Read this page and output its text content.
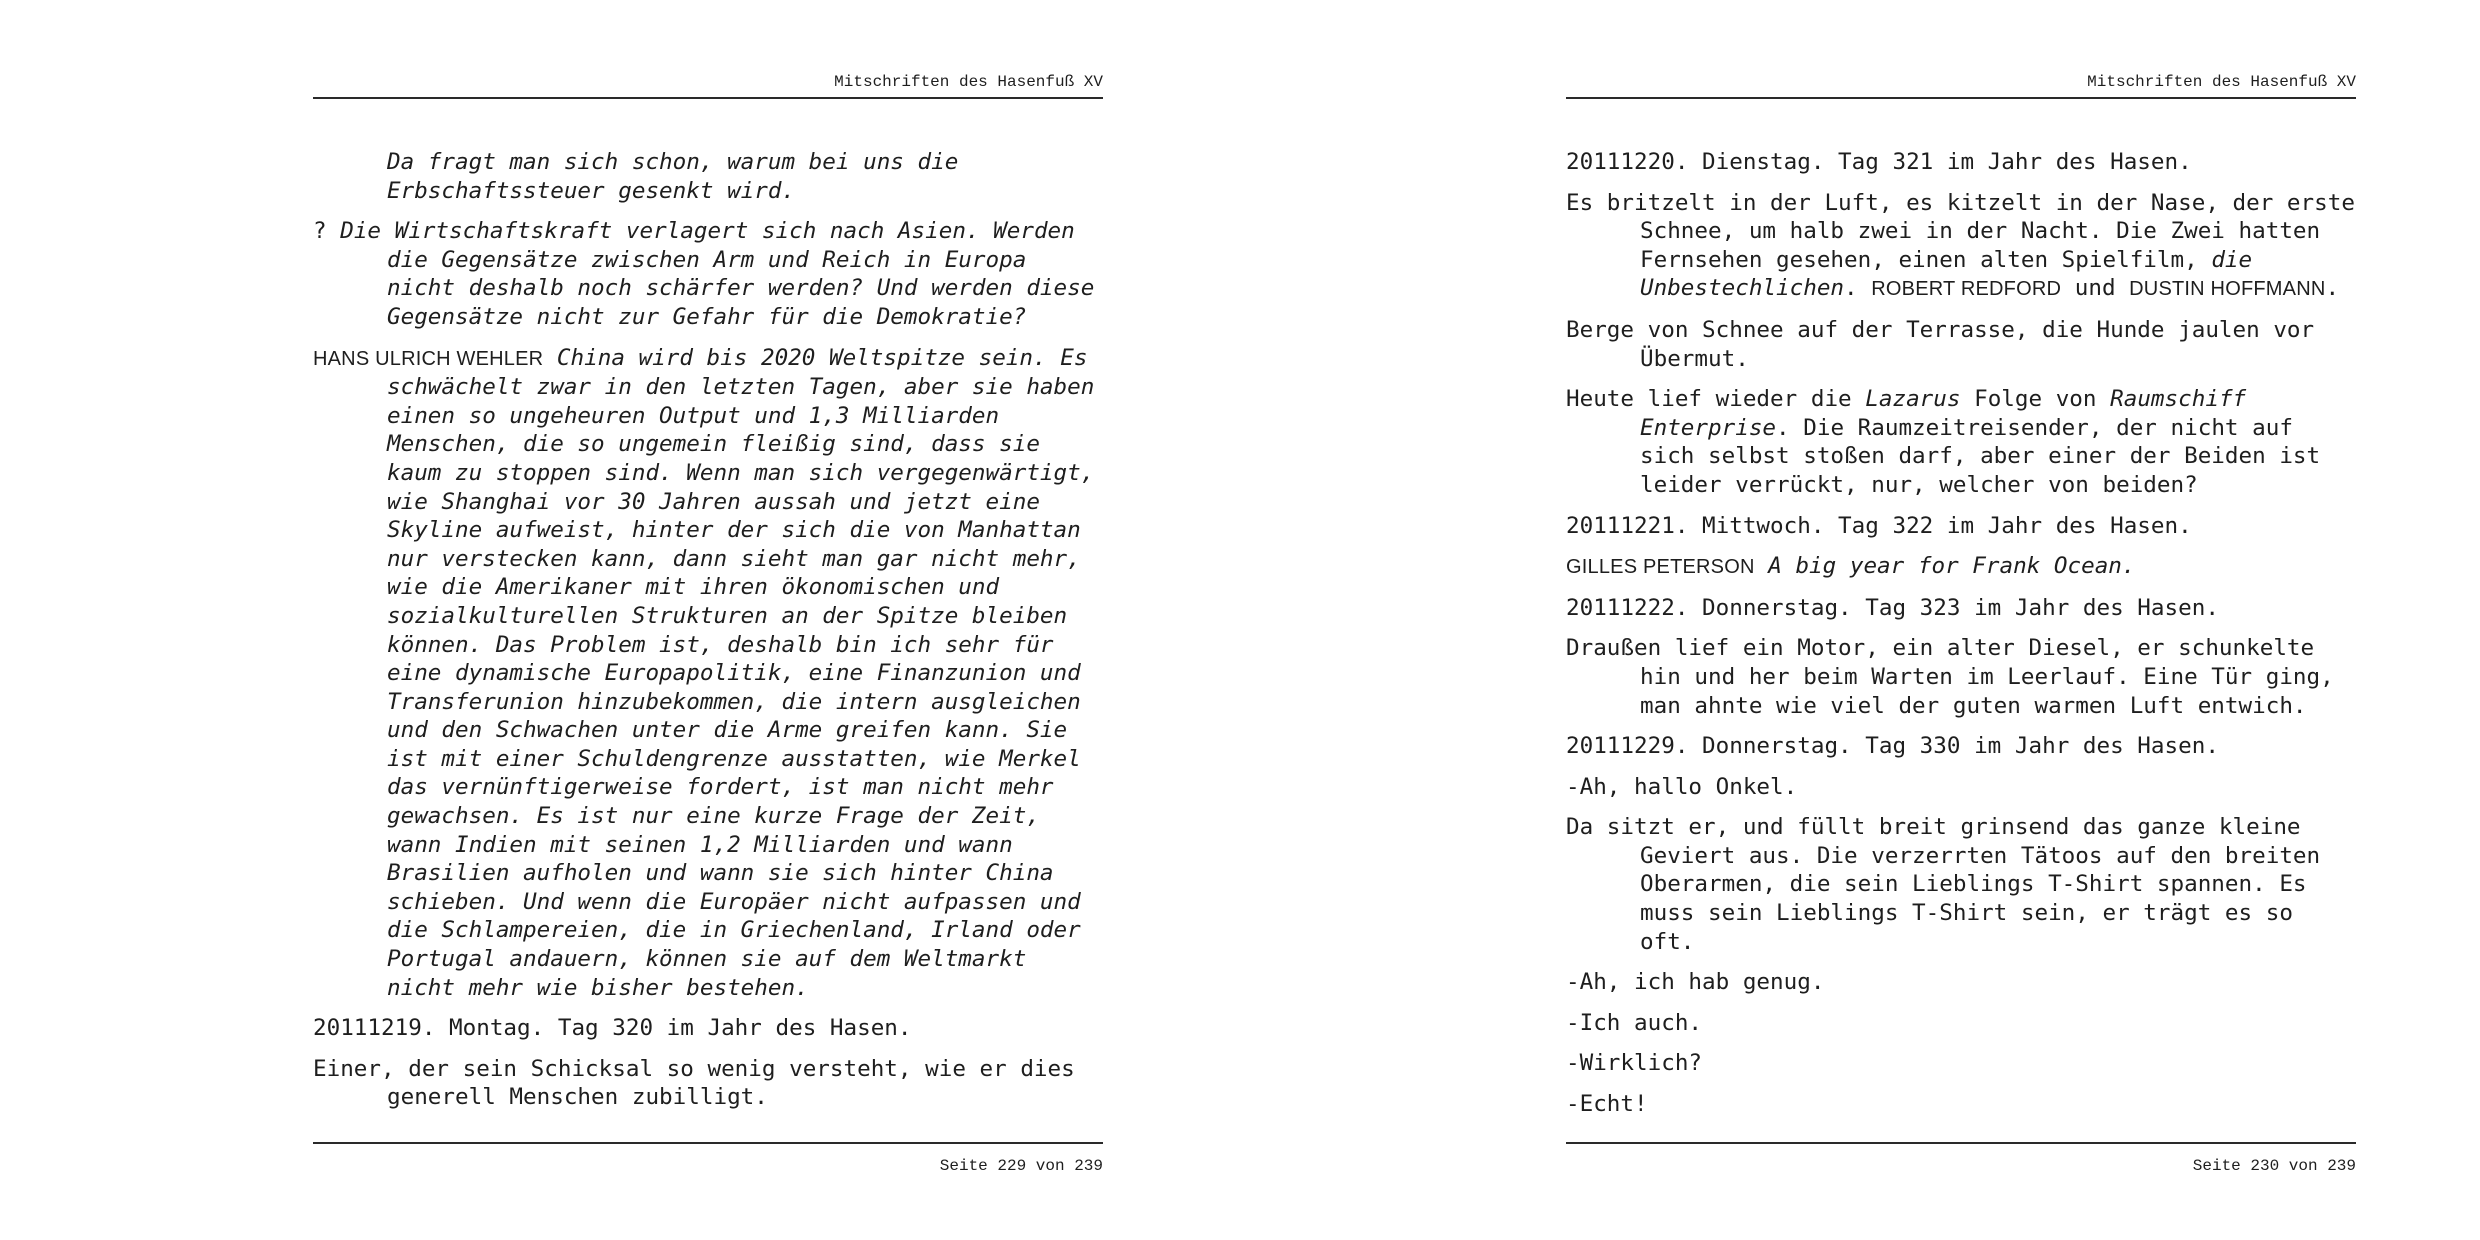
Mitschriften des Hasenfuß XV

Da fragt man sich schon, warum bei uns die Erbschaftssteuer gesenkt wird.

? Die Wirtschaftskraft verlagert sich nach Asien. Werden die Gegensätze zwischen Arm und Reich in Europa nicht deshalb noch schärfer werden? Und werden diese Gegensätze nicht zur Gefahr für die Demokratie?

HANS ULRICH WEHLER China wird bis 2020 Weltspitze sein. Es schwächelt zwar in den letzten Tagen, aber sie haben einen so ungeheuren Output und 1,3 Milliarden Menschen, die so ungemein fleißig sind, dass sie kaum zu stoppen sind. Wenn man sich vergegenwärtigt, wie Shanghai vor 30 Jahren aussah und jetzt eine Skyline aufweist, hinter der sich die von Manhattan nur verstecken kann, dann sieht man gar nicht mehr, wie die Amerikaner mit ihren ökonomischen und sozialkulturellen Strukturen an der Spitze bleiben können. Das Problem ist, deshalb bin ich sehr für eine dynamische Europapolitik, eine Finanzunion und Transferunion hinzubekommen, die intern ausgleichen und den Schwachen unter die Arme greifen kann. Sie ist mit einer Schuldengrenze ausstatten, wie Merkel das vernünftigerweise fordert, ist man nicht mehr gewachsen. Es ist nur eine kurze Frage der Zeit, wann Indien mit seinen 1,2 Milliarden und wann Brasilien aufholen und wann sie sich hinter China schieben. Und wenn die Europäer nicht aufpassen und die Schlampereien, die in Griechenland, Irland oder Portugal andauern, können sie auf dem Weltmarkt nicht mehr wie bisher bestehen.

20111219. Montag. Tag 320 im Jahr des Hasen.

Einer, der sein Schicksal so wenig versteht, wie er dies generell Menschen zubilligt.

Seite 229 von 239
Mitschriften des Hasenfuß XV

20111220. Dienstag. Tag 321 im Jahr des Hasen.

Es britzelt in der Luft, es kitzelt in der Nase, der erste Schnee, um halb zwei in der Nacht. Die Zwei hatten Fernsehen gesehen, einen alten Spielfilm, die Unbestechlichen. ROBERT REDFORD und DUSTIN HOFFMANN.

Berge von Schnee auf der Terrasse, die Hunde jaulen vor Übermut.

Heute lief wieder die Lazarus Folge von Raumschiff Enterprise. Die Raumzeitreisender, der nicht auf sich selbst stoßen darf, aber einer der Beiden ist leider verrückt, nur, welcher von beiden?

20111221. Mittwoch. Tag 322 im Jahr des Hasen.

GILLES PETERSON A big year for Frank Ocean.

20111222. Donnerstag. Tag 323 im Jahr des Hasen.

Draußen lief ein Motor, ein alter Diesel, er schunkelte hin und her beim Warten im Leerlauf. Eine Tür ging, man ahnte wie viel der guten warmen Luft entwich.

20111229. Donnerstag. Tag 330 im Jahr des Hasen.

-Ah, hallo Onkel.

Da sitzt er, und füllt breit grinsend das ganze kleine Geviert aus. Die verzerrten Tätoos auf den breiten Oberarmen, die sein Lieblings T-Shirt spannen. Es muss sein Lieblings T-Shirt sein, er trägt es so oft.

-Ah, ich hab genug.

-Ich auch.

-Wirklich?

-Echt!

Seite 230 von 239
